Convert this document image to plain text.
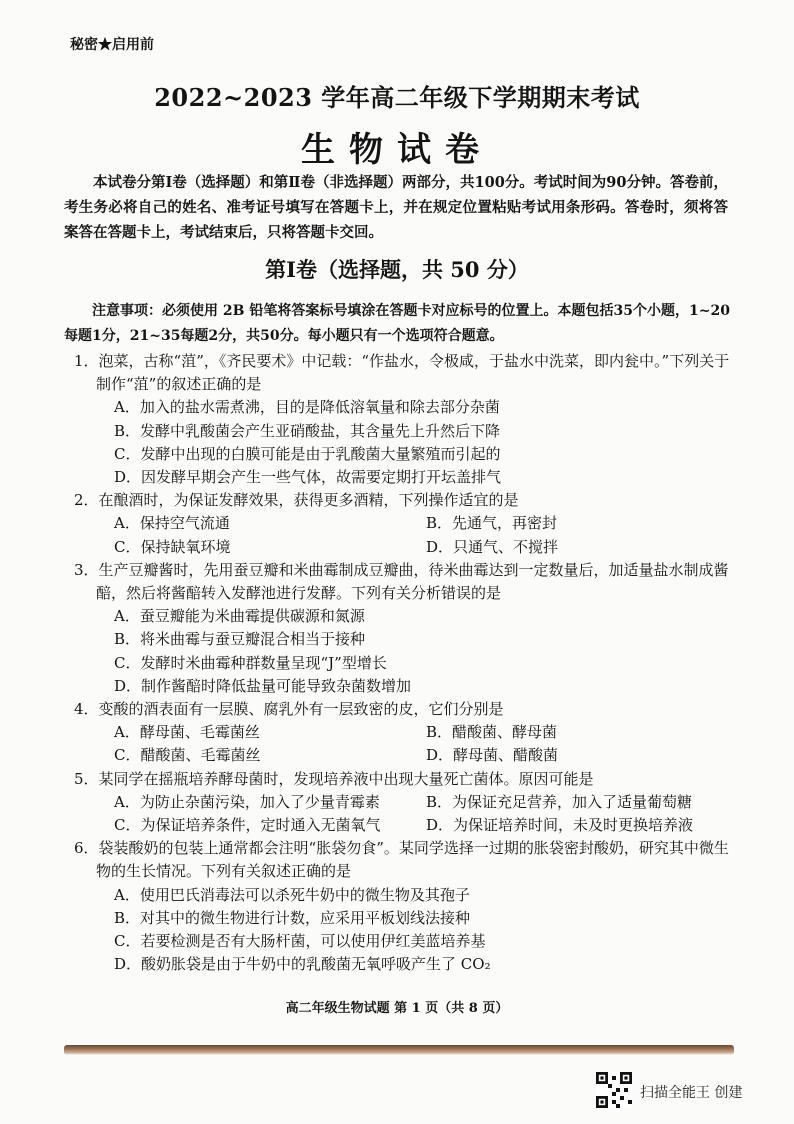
秘密★启用前
2022~2023 学年高二年级下学期期末考试
生物试卷
本试卷分第Ⅰ卷（选择题）和第Ⅱ卷（非选择题）两部分，共100分。考试时间为90分钟。答卷前，考生务必将自己的姓名、准考证号填写在答题卡上，并在规定位置粘贴考试用条形码。答卷时，须将答案答在答题卡上，考试结束后，只将答题卡交回。
第Ⅰ卷（选择题，共 50 分）
注意事项：必须使用 2B 铅笔将答案标号填涂在答题卡对应标号的位置上。本题包括35个小题，1~20每题1分，21~35每题2分，共50分。每小题只有一个选项符合题意。
1．泡菜，古称“菹”，《齐民要术》中记载：“作盐水，令极咸，于盐水中洗菜，即内瓮中。”下列关于制作“菹”的叙述正确的是
A．加入的盐水需煮沸，目的是降低溶氧量和除去部分杂菌
B．发酵中乳酸菌会产生亚硝酸盐，其含量先上升然后下降
C．发酵中出现的白膜可能是由于乳酸菌大量繁殖而引起的
D．因发酵早期会产生一些气体，故需要定期打开坛盖排气
2．在酿酒时，为保证发酵效果，获得更多酒精，下列操作适宜的是
A．保持空气流通	B．先通气，再密封
C．保持缺氧环境	D．只通气、不搅拌
3．生产豆瓣酱时，先用蚕豆瓣和米曲霉制成豆瓣曲，待米曲霉达到一定数量后，加适量盐水制成酱醅，然后将酱醅转入发酵池进行发酵。下列有关分析错误的是
A．蚕豆瓣能为米曲霉提供碳源和氮源
B．将米曲霉与蚕豆瓣混合相当于接种
C．发酵时米曲霉种群数量呈现“J”型增长
D．制作酱醅时降低盐量可能导致杂菌数增加
4．变酸的酒表面有一层膜、腐乳外有一层致密的皮，它们分别是
A．酵母菌、毛霉菌丝	B．醋酸菌、酵母菌
C．醋酸菌、毛霉菌丝	D．酵母菌、醋酸菌
5．某同学在摇瓶培养酵母菌时，发现培养液中出现大量死亡菌体。原因可能是
A．为防止杂菌污染，加入了少量青霉素	B．为保证充足营养，加入了适量葡萄糖
C．为保证培养条件，定时通入无菌氧气	D．为保证培养时间，未及时更换培养液
6．袋装酸奶的包装上通常都会注明“胀袋勿食”。某同学选择一过期的胀袋密封酸奶，研究其中微生物的生长情况。下列有关叙述正确的是
A．使用巴氏消毒法可以杀死牛奶中的微生物及其孢子
B．对其中的微生物进行计数，应采用平板划线法接种
C．若要检测是否有大肠杆菌，可以使用伊红美蓝培养基
D．酸奶胀袋是由于牛奶中的乳酸菌无氧呼吸产生了 CO₂
高二年级生物试题 第 1 页（共 8 页）
扫描全能王 创建
